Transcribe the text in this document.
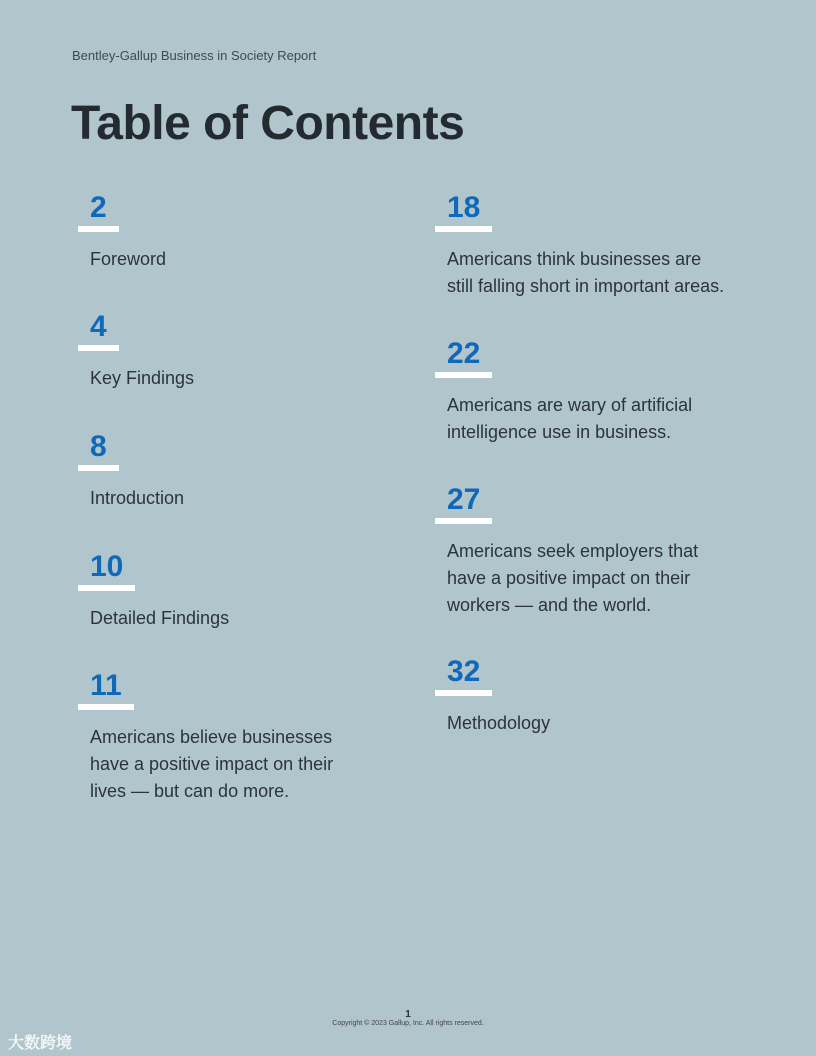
Bentley-Gallup Business in Society Report
Table of Contents
2
Foreword
4
Key Findings
8
Introduction
10
Detailed Findings
11
Americans believe businesses have a positive impact on their lives — but can do more.
18
Americans think businesses are still falling short in important areas.
22
Americans are wary of artificial intelligence use in business.
27
Americans seek employers that have a positive impact on their workers — and the world.
32
Methodology
1
Copyright © 2023 Gallup, Inc. All rights reserved.
大数跨境
